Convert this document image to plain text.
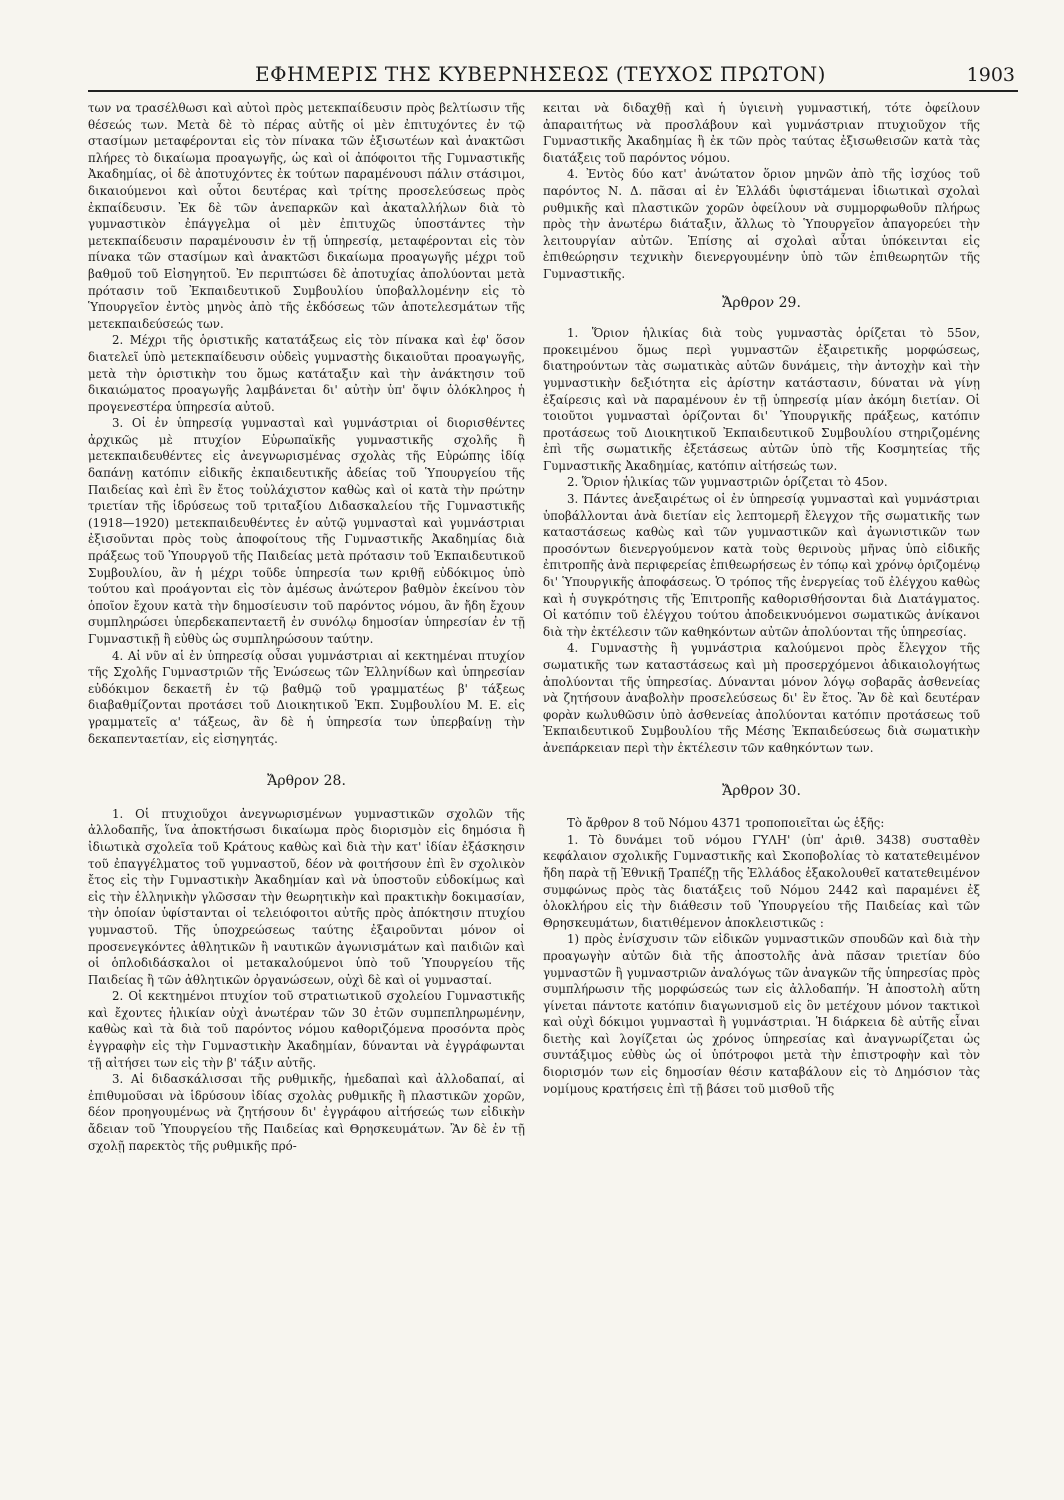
ΕΦΗΜΕΡΙΣ ΤΗΣ ΚΥΒΕΡΝΗΣΕΩΣ (ΤΕΥΧΟΣ ΠΡΩΤΟΝ)	1903

των να τρασέλθωσι καὶ αὐτοὶ πρὸς μετεκπαίδευσιν πρὸς βελτίωσιν τῆς θέσεώς των. Μετὰ δὲ τὸ πέρας αὐτῆς οἱ μὲν ἐπιτυχόντες ἐν τῷ στασίμων μεταφέρονται εἰς τὸν πίνακα τῶν ἐξισωτέων καὶ ἀνακτῶσι πλήρες τὸ δικαίωμα προαγωγῆς, ὡς καὶ οἱ ἀπόφοιτοι τῆς Γυμναστικῆς Ἀκαδημίας, οἱ δὲ ἀποτυχόντες ἐκ τούτων παραμένουσι πάλιν στάσιμοι, δικαιούμενοι καὶ οὗτοι δευτέρας καὶ τρίτης προσελεύσεως πρὸς ἐκπαίδευσιν. Ἐκ δὲ τῶν ἀνεπαρκῶν καὶ ἀκαταλλήλων διὰ τὸ γυμναστικὸν ἐπάγγελμα οἱ μὲν ἐπιτυχῶς ὑποστάντες τὴν μετεκπαίδευσιν παραμένουσιν ἐν τῇ ὑπηρεσίᾳ, μεταφέρονται εἰς τὸν πίνακα τῶν στασίμων καὶ ἀνακτῶσι δικαίωμα προαγωγῆς μέχρι τοῦ βαθμοῦ τοῦ Εἰσηγητοῦ. Ἐν περιπτώσει δὲ ἀποτυχίας ἀπολύονται μετὰ πρότασιν τοῦ Ἐκπαιδευτικοῦ Συμβουλίου ὑποβαλλομένην εἰς τὸ Ὑπουργεῖον ἐντὸς μηνὸς ἀπὸ τῆς ἐκδόσεως τῶν ἀποτελεσμάτων τῆς μετεκπαιδεύσεώς των.

2. Μέχρι τῆς ὁριστικῆς κατατάξεως εἰς τὸν πίνακα καὶ ἐφ' ὅσον διατελεῖ ὑπὸ μετεκπαίδευσιν οὐδεὶς γυμναστὴς δικαιοῦται προαγωγῆς, μετὰ τὴν ὁριστικὴν του ὅμως κατάταξιν καὶ τὴν ἀνάκτησιν τοῦ δικαιώματος προαγωγῆς λαμβάνεται δι' αὐτὴν ὑπ' ὄψιν ὁλόκληρος ἡ προγενεστέρα ὑπηρεσία αὐτοῦ.

3. Οἱ ἐν ὑπηρεσίᾳ γυμνασταὶ καὶ γυμνάστριαι οἱ διορισθέντες ἀρχικῶς μὲ πτυχίον Εὐρωπαϊκῆς γυμναστικῆς σχολῆς ἢ μετεκπαιδευθέντες εἰς ἀνεγνωρισμένας σχολὰς τῆς Εὐρώπης ἰδίᾳ δαπάνῃ κατόπιν εἰδικῆς ἐκπαιδευτικῆς ἀδείας τοῦ Ὑπουργείου τῆς Παιδείας καὶ ἐπὶ ἓν ἔτος τοὐλάχιστον καθὼς καὶ οἱ κατὰ τὴν πρώτην τριετίαν τῆς ἱδρύσεως τοῦ τριταξίου Διδασκαλείου τῆς Γυμναστικῆς (1918—1920) μετεκπαιδευθέντες ἐν αὐτῷ γυμνασταὶ καὶ γυμνάστριαι ἐξισοῦνται πρὸς τοὺς ἀποφοίτους τῆς Γυμναστικῆς Ἀκαδημίας διὰ πράξεως τοῦ Ὑπουργοῦ τῆς Παιδείας μετὰ πρότασιν τοῦ Ἐκπαιδευτικοῦ Συμβουλίου, ἂν ἡ μέχρι τοῦδε ὑπηρεσία των κριθῇ εὐδόκιμος ὑπὸ τούτου καὶ προάγονται εἰς τὸν ἀμέσως ἀνώτερον βαθμὸν ἐκείνου τὸν ὁποῖον ἔχουν κατὰ τὴν δημοσίευσιν τοῦ παρόντος νόμου, ἂν ἤδη ἔχουν συμπληρώσει ὑπερδεκαπενταετῆ ἐν συνόλῳ δημοσίαν ὑπηρεσίαν ἐν τῇ Γυμναστικῇ ἢ εὐθὺς ὡς συμπληρώσουν ταύτην.

4. Αἱ νῦν αἱ ἐν ὑπηρεσίᾳ οὖσαι γυμνάστριαι αἱ κεκτημέναι πτυχίον τῆς Σχολῆς Γυμναστριῶν τῆς Ἑνώσεως τῶν Ἑλληνίδων καὶ ὑπηρεσίαν εὐδόκιμον δεκαετῆ ἐν τῷ βαθμῷ τοῦ γραμματέως β' τάξεως διαβαθμίζονται προτάσει τοῦ Διοικητικοῦ Ἐκπ. Συμβουλίου Μ. Ε. εἰς γραμματεῖς α' τάξεως, ἂν δὲ ἡ ὑπηρεσία των ὑπερβαίνῃ τὴν δεκαπενταετίαν, εἰς εἰσηγητάς.

Ἄρθρον 28.

1. Οἱ πτυχιοῦχοι ἀνεγνωρισμένων γυμναστικῶν σχολῶν τῆς ἀλλοδαπῆς, ἵνα ἀποκτήσωσι δικαίωμα πρὸς διορισμὸν εἰς δημόσια ἢ ἰδιωτικὰ σχολεῖα τοῦ Κράτους καθὼς καὶ διὰ τὴν κατ' ἰδίαν ἐξάσκησιν τοῦ ἐπαγγέλματος τοῦ γυμναστοῦ, δέον νὰ φοιτήσουν ἐπὶ ἓν σχολικὸν ἔτος εἰς τὴν Γυμναστικὴν Ἀκαδημίαν καὶ νὰ ὑποστοῦν εὐδοκίμως καὶ εἰς τὴν ἑλληνικὴν γλῶσσαν τὴν θεωρητικὴν καὶ πρακτικὴν δοκιμασίαν, τὴν ὁποίαν ὑφίστανται οἱ τελειόφοιτοι αὐτῆς πρὸς ἀπόκτησιν πτυχίου γυμναστοῦ. Τῆς ὑποχρεώσεως ταύτης ἐξαιροῦνται μόνον οἱ προσενεγκόντες ἀθλητικῶν ἢ ναυτικῶν ἀγωνισμάτων καὶ παιδιῶν καὶ οἱ ὁπλοδιδάσκαλοι οἱ μετακαλούμενοι ὑπὸ τοῦ Ὑπουργείου τῆς Παιδείας ἢ τῶν ἀθλητικῶν ὀργανώσεων, οὐχὶ δὲ καὶ οἱ γυμνασταί.

2. Οἱ κεκτημένοι πτυχίον τοῦ στρατιωτικοῦ σχολείου Γυμναστικῆς καὶ ἔχοντες ἡλικίαν οὐχὶ ἀνωτέραν τῶν 30 ἐτῶν συμπεπληρωμένην, καθὼς καὶ τὰ διὰ τοῦ παρόντος νόμου καθοριζόμενα προσόντα πρὸς ἐγγραφὴν εἰς τὴν Γυμναστικὴν Ἀκαδημίαν, δύνανται νὰ ἐγγράφωνται τῇ αἰτήσει των εἰς τὴν β' τάξιν αὐτῆς.

3. Αἱ διδασκάλισσαι τῆς ρυθμικῆς, ἡμεδαπαὶ καὶ ἀλλοδαπαί, αἱ ἐπιθυμοῦσαι νὰ ἱδρύσουν ἰδίας σχολὰς ρυθμικῆς ἢ πλαστικῶν χορῶν, δέον προηγουμένως νὰ ζητήσουν δι' ἐγγράφου αἰτήσεώς των εἰδικὴν ἄδειαν τοῦ Ὑπουργείου τῆς Παιδείας καὶ Θρησκευμάτων. Ἂν δὲ ἐν τῇ σχολῇ παρεκτὸς τῆς ρυθμικῆς πρό-

κειται νὰ διδαχθῇ καὶ ἡ ὑγιεινὴ γυμναστική, τότε ὀφείλουν ἀπαραιτήτως νὰ προσλάβουν καὶ γυμνάστριαν πτυχιοῦχον τῆς Γυμναστικῆς Ἀκαδημίας ἢ ἐκ τῶν πρὸς ταύτας ἐξισωθεισῶν κατὰ τὰς διατάξεις τοῦ παρόντος νόμου.

4. Ἐντὸς δύο κατ' ἀνώτατον ὅριον μηνῶν ἀπὸ τῆς ἰσχύος τοῦ παρόντος Ν. Δ. πᾶσαι αἱ ἐν Ἑλλάδι ὑφιστάμεναι ἰδιωτικαὶ σχολαὶ ρυθμικῆς καὶ πλαστικῶν χορῶν ὀφείλουν νὰ συμμορφωθοῦν πλήρως πρὸς τὴν ἀνωτέρω διάταξιν, ἄλλως τὸ Ὑπουργεῖον ἀπαγορεύει τὴν λειτουργίαν αὐτῶν. Ἐπίσης αἱ σχολαὶ αὗται ὑπόκεινται εἰς ἐπιθεώρησιν τεχνικὴν διενεργουμένην ὑπὸ τῶν ἐπιθεωρητῶν τῆς Γυμναστικῆς.

Ἄρθρον 29.

1. Ὅριον ἡλικίας διὰ τοὺς γυμναστὰς ὁρίζεται τὸ 55ον, προκειμένου ὅμως περὶ γυμναστῶν ἐξαιρετικῆς μορφώσεως, διατηρούντων τὰς σωματικὰς αὐτῶν δυνάμεις, τὴν ἀντοχὴν καὶ τὴν γυμναστικὴν δεξιότητα εἰς ἀρίστην κατάστασιν, δύναται νὰ γίνῃ ἐξαίρεσις καὶ νὰ παραμένουν ἐν τῇ ὑπηρεσίᾳ μίαν ἀκόμη διετίαν. Οἱ τοιοῦτοι γυμνασταὶ ὁρίζονται δι' Ὑπουργικῆς πράξεως, κατόπιν προτάσεως τοῦ Διοικητικοῦ Ἐκπαιδευτικοῦ Συμβουλίου στηριζομένης ἐπὶ τῆς σωματικῆς ἐξετάσεως αὐτῶν ὑπὸ τῆς Κοσμητείας τῆς Γυμναστικῆς Ἀκαδημίας, κατόπιν αἰτήσεώς των.

2. Ὅριον ἡλικίας τῶν γυμναστριῶν ὁρίζεται τὸ 45ον.

3. Πάντες ἀνεξαιρέτως οἱ ἐν ὑπηρεσίᾳ γυμνασταὶ καὶ γυμνάστριαι ὑποβάλλονται ἀνὰ διετίαν εἰς λεπτομερῆ ἔλεγχον τῆς σωματικῆς των καταστάσεως καθὼς καὶ τῶν γυμναστικῶν καὶ ἀγωνιστικῶν των προσόντων διενεργούμενον κατὰ τοὺς θερινοὺς μῆνας ὑπὸ εἰδικῆς ἐπιτροπῆς ἀνὰ περιφερείας ἐπιθεωρήσεως ἐν τόπῳ καὶ χρόνῳ ὁριζομένῳ δι' Ὑπουργικῆς ἀποφάσεως. Ὁ τρόπος τῆς ἐνεργείας τοῦ ἐλέγχου καθὼς καὶ ἡ συγκρότησις τῆς Ἐπιτροπῆς καθορισθήσονται διὰ Διατάγματος. Οἱ κατόπιν τοῦ ἐλέγχου τούτου ἀποδεικνυόμενοι σωματικῶς ἀνίκανοι διὰ τὴν ἐκτέλεσιν τῶν καθηκόντων αὐτῶν ἀπολύονται τῆς ὑπηρεσίας.

4. Γυμναστὴς ἢ γυμνάστρια καλούμενοι πρὸς ἔλεγχον τῆς σωματικῆς των καταστάσεως καὶ μὴ προσερχόμενοι ἀδικαιολογήτως ἀπολύονται τῆς ὑπηρεσίας. Δύνανται μόνον λόγῳ σοβαρᾶς ἀσθενείας νὰ ζητήσουν ἀναβολὴν προσελεύσεως δι' ἓν ἔτος. Ἂν δὲ καὶ δευτέραν φορὰν κωλυθῶσιν ὑπὸ ἀσθενείας ἀπολύονται κατόπιν προτάσεως τοῦ Ἐκπαιδευτικοῦ Συμβουλίου τῆς Μέσης Ἐκπαιδεύσεως διὰ σωματικὴν ἀνεπάρκειαν περὶ τὴν ἐκτέλεσιν τῶν καθηκόντων των.

Ἄρθρον 30.

Τὸ ἄρθρον 8 τοῦ Νόμου 4371 τροποποιεῖται ὡς ἑξῆς:

1. Τὸ δυνάμει τοῦ νόμου ΓΥΛΗ' (ὑπ' ἀριθ. 3438) συσταθὲν κεφάλαιον σχολικῆς Γυμναστικῆς καὶ Σκοποβολίας τὸ κατατεθειμένον ἤδη παρὰ τῇ Ἐθνικῇ Τραπέζῃ τῆς Ἑλλάδος ἐξακολουθεῖ κατατεθειμένον συμφώνως πρὸς τὰς διατάξεις τοῦ Νόμου 2442 καὶ παραμένει ἐξ ὁλοκλήρου εἰς τὴν διάθεσιν τοῦ Ὑπουργείου τῆς Παιδείας καὶ τῶν Θρησκευμάτων, διατιθέμενον ἀποκλειστικῶς :

1) πρὸς ἐνίσχυσιν τῶν εἰδικῶν γυμναστικῶν σπουδῶν καὶ διὰ τὴν προαγωγὴν αὐτῶν διὰ τῆς ἀποστολῆς ἀνὰ πᾶσαν τριετίαν δύο γυμναστῶν ἢ γυμναστριῶν ἀναλόγως τῶν ἀναγκῶν τῆς ὑπηρεσίας πρὸς συμπλήρωσιν τῆς μορφώσεώς των εἰς ἀλλοδαπήν. Ἡ ἀποστολὴ αὕτη γίνεται πάντοτε κατόπιν διαγωνισμοῦ εἰς ὃν μετέχουν μόνον τακτικοὶ καὶ οὐχὶ δόκιμοι γυμνασταὶ ἢ γυμνάστριαι. Ἡ διάρκεια δὲ αὐτῆς εἶναι διετὴς καὶ λογίζεται ὡς χρόνος ὑπηρεσίας καὶ ἀναγνωρίζεται ὡς συντάξιμος εὐθὺς ὡς οἱ ὑπότροφοι μετὰ τὴν ἐπιστροφὴν καὶ τὸν διορισμόν των εἰς δημοσίαν θέσιν καταβάλουν εἰς τὸ Δημόσιον τὰς νομίμους κρατήσεις ἐπὶ τῇ βάσει τοῦ μισθοῦ τῆς
